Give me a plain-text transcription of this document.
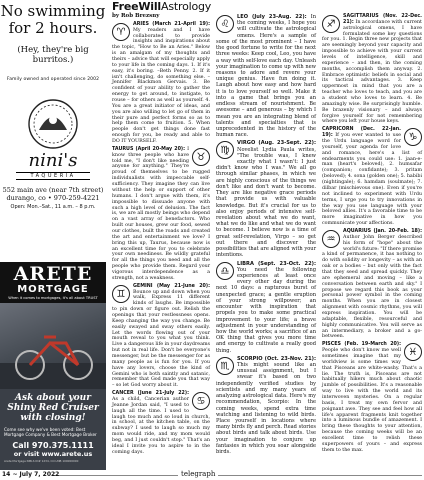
No swimming for 2 hours.
(Hey, they're big burritos.)
Family owned and operated since 2002
nini's
TAQUERIA
552 main ave (near 7th street) durango, co • 970-259-4221
Open: Mon.–Sat., 11 a.m. – 8 p.m.
ARETE
MORTGAGE
When it comes to mortgages, it's all about TRUST
Ask about your Shiny Red Cruiser with closing!
Come see why we've been voted: Best Mortgage Company & Best Mortgage Broker
Call 970.375.1111
or visit www.arete.us
Arete Mortgage NMLS ID# 1234, CO LMB 100000000
FreeWillAstrology
by Rob Brezsny
♈
ARIES (March 21-April 19): My readers and I have collaborated to provide insights and inspirations about the topic, "How to Be an Aries." Below is an amalgam of my thoughts and theirs – advice that will especially apply to your life in the coming days. 1. If it's easy, it's boring. –Beth Penny. 2. If it isn't challenging, do something else. –Jennifer Blackmon Gervais. 3. Be confident of your ability to gather the energy to get around, to instigate, to rouse – for others as well as yourself. 4. You are a great initiator of ideas, and you are also willing to let go of them in their pure and perfect forms so as to help them come to fruition. 5. When people don't get things done fast enough for you, be ready and able to DO IT YOURSELF.
♉
TAURUS (April 20-May 20): I know three people who have told me, "I don't like needing anyone for anything." They're proud of themselves to be rugged individualists with impeccable self-sufficiency. They imagine they can live without the help or support of other humans. I don't argue with them, it's impossible to dissuade anyone with such a high level of delusion. The fact is, we are all mostly beings who depend on a vast array of benefactors. Who built our houses, grew our food, sewed our clothes, built the roads and created the art and entertainment we love? I bring this up, Taurus, because now is an excellent time for you to celebrate your own neediness. Be wildly grateful for all the things you need and all the people who provide them. Regard your vigorous interdependence as a strength, not a weakness.
♊
GEMINI (May 21-June 20): Bounce up and down when you walk, Express 11 different kinds of laughs. Be impossible to pin down or figure out. Relish the openings that your restlessness opens. Keep changing the way you change. Be easily swayed and sway others easily. Let the words flowing out of your mouth reveal to you what you think. Live a dangerous life in your daydreams but not in real life. Don't be everyone's messenger, but be the messenger for as many people as is fun for you. If you have any lovers, choose the kind of Gemini who is both saintly and satanic, remember that God made you that way – so let God worry about it.
♋
CANCER (June 21-July 22): As a child, Cancerian author Jeanne Jordan said, "I used to laugh all the time. I used to laugh too much and so loud in church, in school, at the kitchen table, on the subway? I used to laugh so much my mom would ride, and my mom would beg, and I just couldn't stop." That's an ideal I invite you to aspire to in the coming days.
♌
LEO (July 23-Aug. 22): In the coming weeks, I hope you will cultivate the astrological omens. Here's a sample of some of the most prominent – I have the good fortune to write for the next three weeks: Keep cool, Leo, you have a way with self-love each day. Unleash your imagination to come up with new reasons to adore and revere your unique genius. Have fun doing it. Laugh about how easy and how hard it is to love yourself so well. Make it into a game that brings you an endless stream of nourishment. Be awesome – and generous – by which I mean you are an integrating blend of talents and specialties that is unprecedented in the history of the human race.
♍
VIRGO (Aug. 23-Sept. 22): Novelist Lydia Paula writes, "The trouble was, I knew exactly what I wasn't: I just didn't know who I was." We all go through similar phases, in which we are highly conscious of the things we don't like and don't want to become. They are like negative grace periods that provide us with valuable knowledge. But it's crucial for us to also enjoy periods of intensive self-revelation about what we do want, what we do like and what we do want to become. I believe now is a time of great self-revelation, Virgo – so get out there and discover the possibilities that are aligned with your intentions.
♎
LIBRA (Sept. 23-Oct. 22): You need the following experiences at least once every other day during the next 10 days: a rapturous burst of unexpected grace; a gentle eruption of your strong willpower; an encounter with inspiration that propels you to make some practical improvement to your life; a brave adjustment in your understanding of how the world works; a sacrifice of an OK thing that gives you more time and energy to cultivate a really good thing.
♏
SCORPIO (Oct. 23-Nov. 21): This might sound like an unusual assignment, but I swear it's based on two independently verified studies by scientists and my many years of analyzing astrological data. Here's my recommendation, Scorpio: In the coming weeks, spend extra time watching and listening to wild birds. Place yourself in locations where many birds fly and perch. Read stories about birds and talk about birds. Use your imagination to conjure up fantasies in which you soar alongside birds.
♐
SAGITTARIUS (Nov. 22-Dec. 21): In accordance with current astrological omens, I have formulated some key questions for you. 1. Begin three new projects that are seemingly beyond your capacity and impossible to achieve with your current levels of intelligence, skill and experience – and then, in the coming months, accomplish them anyway. 2. Embrace optimistic beliefs in social and its tactical advantages. 3. Keep uppermost in mind that you are a teacher who loves to teach, and you are a student who loves to learn. 4. Be amazingly wise. Be surprisingly humble. Be brazenly visionary – and always forgive yourself for not remembering where you left your house keys.
♑
CAPRICORN (Dec. 22-Jan. 19): If you ever wanted to use the Urdu language word for yourself, your agenda for love and romance, here's a list of endearments you could use: 1. jaan-e-man (heart's beloved), 2. humsafar (companion; confidante); 3. pritam (beloved); 4. sona (golden one); 5. habibi (nightingale); 6. hamdam (soulmate); 7. dilbar (mischievous one). Even if you're not inclined to experiment with Urdu terms, I urge you to try innovations in the way you use language with your beloved allies. It's a favorable time to be more imaginative in how you communicate your affections.
♒
AQUARIUS (Jan. 20-Feb. 18): Author John Berger described his form of "hope" about the world's future: "If there promise a kind of permanence, it has nothing to do with solidity or longevity – as with an oak or a bodies – but only with the fact that they seed and spread quickly. They are ephemeral and moving – like a conversation between earth and sky." I propose we regard this book as your personal power symbol in the coming months. When you are in closest alignment with cosmic rhythms, you will express inspiration. You will be adaptable, flexible, resourceful and highly communicative. You will serve as an intermediary, a broker and a go-between.
♓
PISCES (Feb. 19-March 20): People who don't know me well sometimes imagine that my worldview is some times way that Pisceans are white-washy. That's a lie. The truth is, Pisceans are not habitually hikers much about chaotic jumble of possibilities. It's a reasonable way to live with the world and its interwoven mysteries. On a regular basis, I treat my own fervor and poignant awe. They see and feel how all life's apparent fragments knit together into a luminous bundle of amazement. I bring these thoughts to your attention, because the coming weeks will be an excellent time to relish these superpowers of yours – and express them to the max.
14 ~ July 7, 2022	telegraph
